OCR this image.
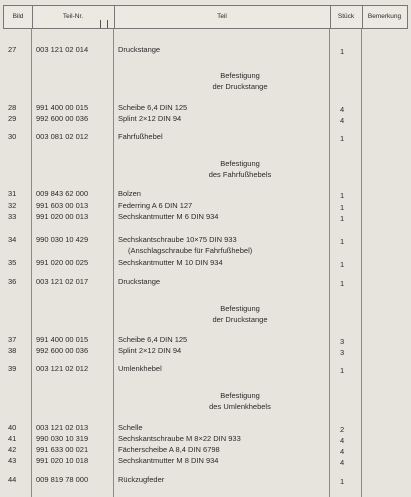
Bild	Teil-Nr.	Teil	Stück	Bemerkung
27	003 121 02 014	Druckstange	1
Befestigung
der Druckstange
28	991 400 00 015	Scheibe 6,4 DIN 125	4
29	992 600 00 036	Splint 2×12 DIN 94	4
30	003 081 02 012	Fahrfußhebel	1
Befestigung
des Fahrfußhebels
31	009 843 62 000	Bolzen	1
32	991 603 00 013	Federring A 6 DIN 127	1
33	991 020 00 013	Sechskantmutter M 6 DIN 934	1
34	990 030 10 429	Sechskantschraube 10×75 DIN 933	1
(Anschlagschraube für Fahrfußhebel)
35	991 020 00 025	Sechskantmutter M 10 DIN 934	1
36	003 121 02 017	Druckstange	1
Befestigung
der Druckstange
37	991 400 00 015	Scheibe 6,4 DIN 125	3
38	992 600 00 036	Splint 2×12 DIN 94	3
39	003 121 02 012	Umlenkhebel	1
Befestigung
des Umlenkhebels
40	003 121 02 013	Schelle	2
41	990 030 10 319	Sechskantschraube M 8×22 DIN 933	4
42	991 633 00 021	Fächerscheibe A 8,4 DIN 6798	4
43	991 020 10 018	Sechskantmutter M 8 DIN 934	4
44	009 819 78 000	Rückzugfeder	1
